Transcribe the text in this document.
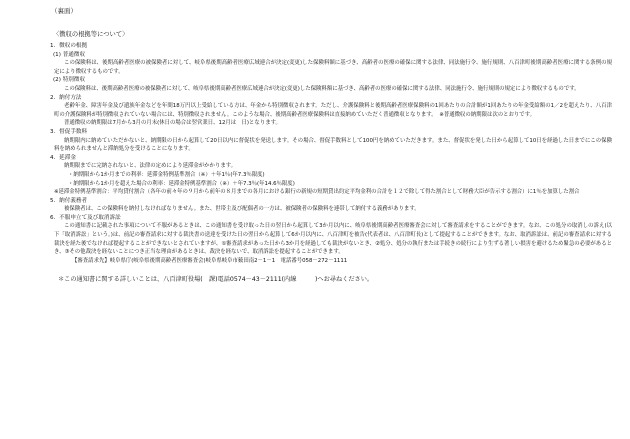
（裏面）

〈徴収の根拠等について〉

1．徴収の根拠

(1) 普通徴収

この保険料は、後期高齢者医療の被保険者に対して、岐阜県後期高齢者医療広域連合が決定(変更)した保険料額に基づき、高齢者の医療の確保に関する法律、同法施行令、施行規則、八百津町後期高齢者医療に関する条例の規定により徴収するものです。

(2) 特別徴収

この保険料は、後期高齢者医療の被保険者に対して、岐阜県後期高齢者医療広域連合が決定(変更)した保険料額に基づき、高齢者の医療の確保に関する法律、同法施行令、施行規則の規定により徴収するものです。

2．納付方法

老齢年金、障害年金及び遺族年金などを年間18万円以上受給している方は、年金から特別徴収されます。ただし、介護保険料と後期高齢者医療保険料の1回あたりの合計額が1回あたりの年金受給額の1／2を超えたり、八百津町の介護保険料が特別徴収されていない場合には、特別徴収されません。このような場合、後期高齢者医療保険料は直接納めていただく普通徴収となります。　※普通徴収の納期限は次のとおりです。

普通徴収の納期限は7月から3月の月末(休日の場合は翌営業日、12月は　日)となります。

3．督促手数料

納期限内に納めていただかないと、納期限の日から起算して20日以内に督促状を発送します。その場合、督促手数料として100円を納めていただきます。また、督促状を発した日から起算して10日を経過した日までにこの保険料を納められませんと滞納処分を受けることになります。

4．延滞金

納期限までに完納されないと、法律の定めにより延滞金がかかります。

・納期限から1か月までの利率：延滞金特例基準割合（※）＋年1％(年7.3％限度)

・納期限から1か月を超えた場合の利率：延滞金特例基準割合（※）＋年7.3％(年14.6％限度)

※延滞金特例基準割合：平均貸付割合（各年の前々年の９月から前年の８月までの各月における銀行の新規の短期貸出約定平均金利の合計を１２で除して得た割合として財務大臣が告示する割合）に1％を加算した割合

5．納付義務者

被保険者は、この保険料を納付しなければなりません。また、世帯主及び配偶者の一方は、被保険者の保険料を連帯して納付する義務があります。

6．不服申立て及び取消訴訟

この通知書に記載された事項について不服があるときは、この通知書を受け取った日の翌日から起算して3か月以内に、岐阜県後期高齢者医療審査会に対して審査請求をすることができます。なお、この処分の取消しの訴え(以下「取消訴訟」という。)は、前記の審査請求に対する裁決書の送達を受けた日の翌日から起算して6か月以内に、八百津町を被告(代表者は、八百津町長)として提起することができます。なお、取消訴訟は、前記の審査請求に対する裁決を経た後でなければ提起することができないとされていますが、①審査請求があった日から3か月を経過しても裁決がないとき、②処分、処分の執行または手続きの続行により生ずる著しい損害を避けるため緊急の必要があるとき、③その他裁決を経ないことにつき正当な理由があるときは、裁決を経ないで、取消訴訟を提起することができます。

【審査請求先】岐阜県庁(岐阜県後期高齢者医療審査会)岐阜県岐阜市薮田南2－1－1　電話番号058－272－1111

＊この通知書に関する詳しいことは、八百津町役場(　課)電話0574－43－2111(内線　　　)へお尋ねください。
